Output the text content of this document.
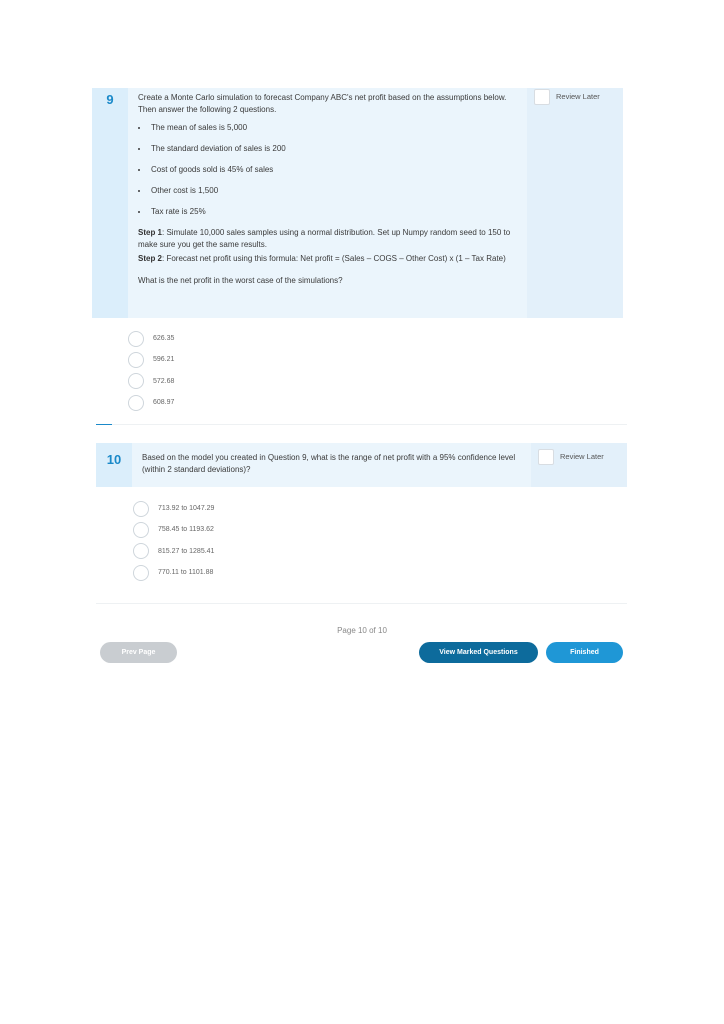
9	Create a Monte Carlo simulation to forecast Company ABC's net profit based on the assumptions below. Then answer the following 2 questions.
• The mean of sales is 5,000
• The standard deviation of sales is 200
• Cost of goods sold is 45% of sales
• Other cost is 1,500
• Tax rate is 25%

Step 1: Simulate 10,000 sales samples using a normal distribution. Set up Numpy random seed to 150 to make sure you get the same results.

Step 2: Forecast net profit using this formula: Net profit = (Sales – COGS – Other Cost) x (1 – Tax Rate)

What is the net profit in the worst case of the simulations?
Review Later
626.35
596.21
572.68
608.97
10	Based on the model you created in Question 9, what is the range of net profit with a 95% confidence level (within 2 standard deviations)?
Review Later
713.92 to 1047.29
758.45 to 1193.62
815.27 to 1285.41
770.11 to 1101.88
Page 10 of 10
Prev Page	View Marked Questions	Finished
